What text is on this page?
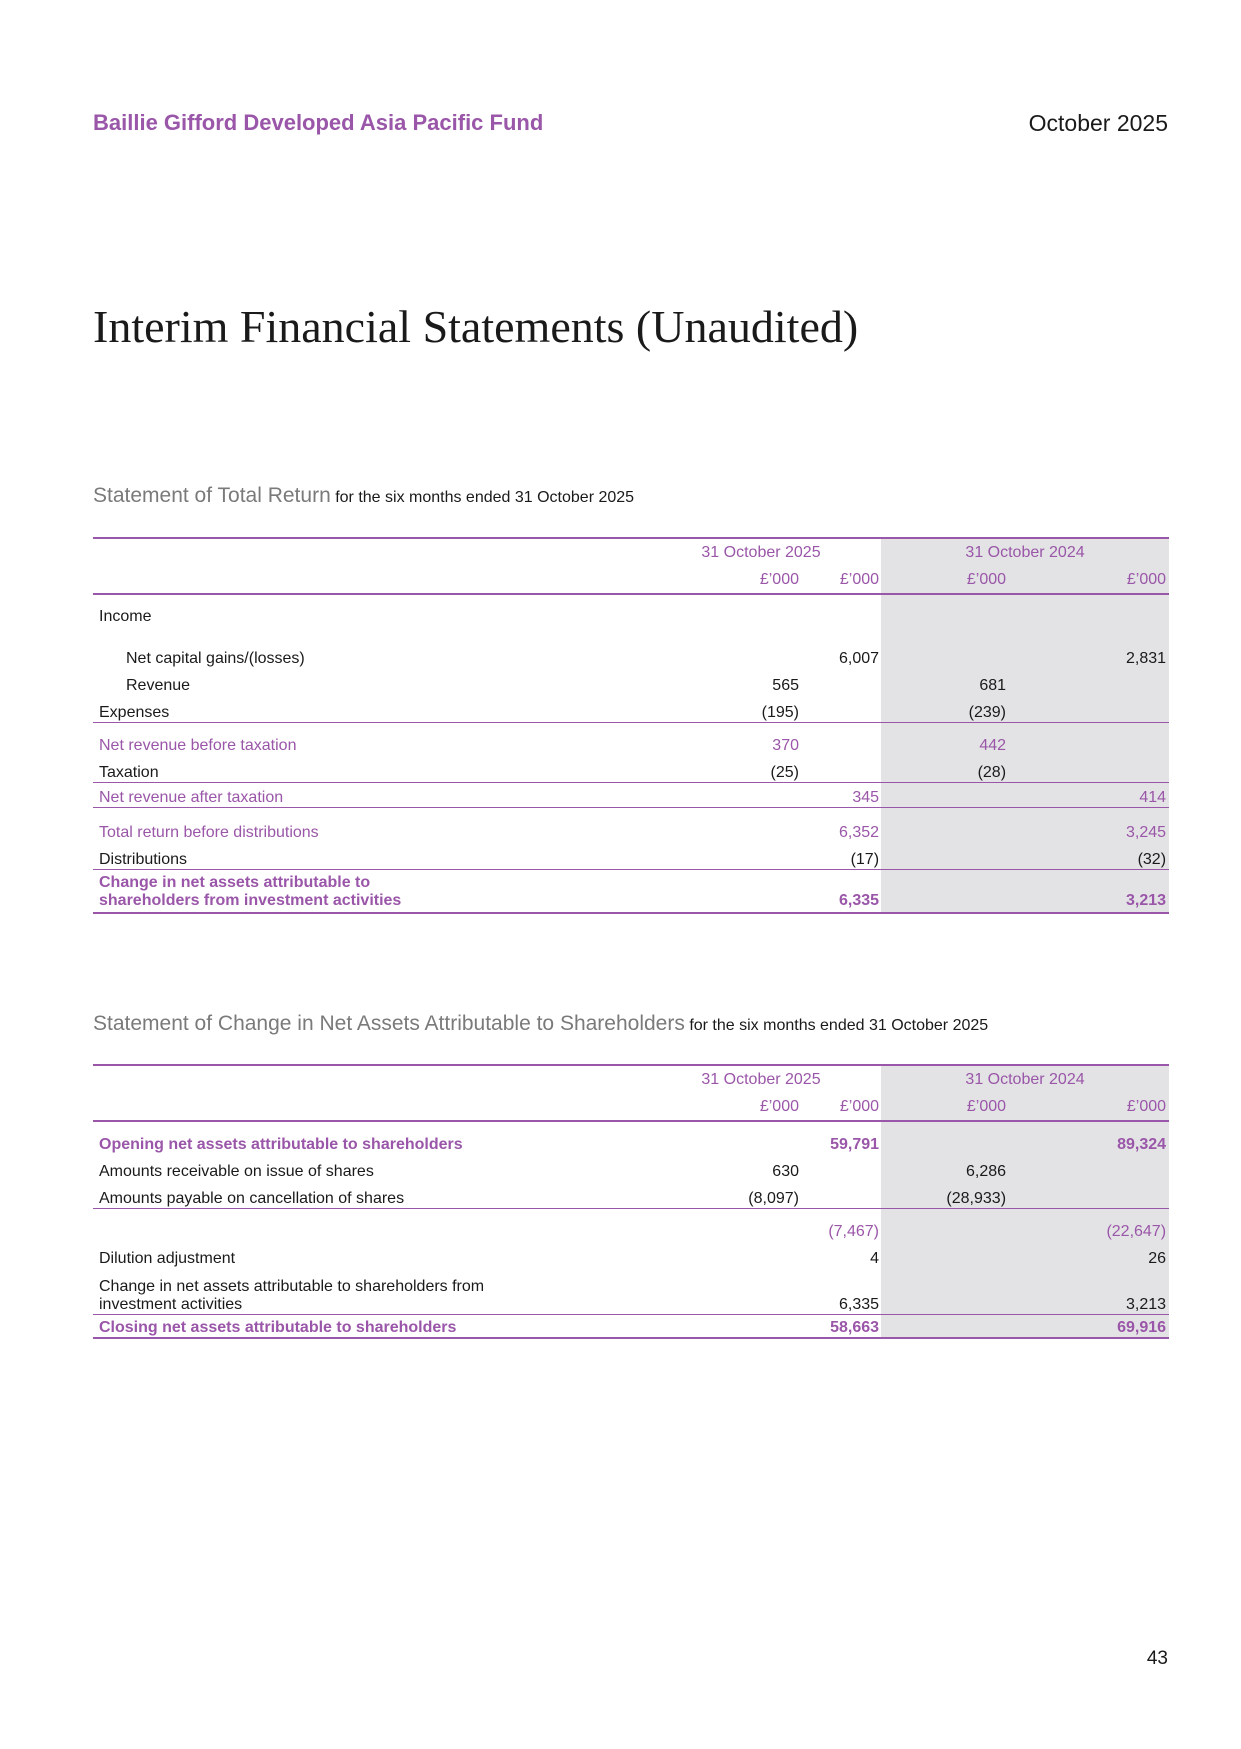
Baillie Gifford Developed Asia Pacific Fund	October 2025
Interim Financial Statements (Unaudited)
Statement of Total Return for the six months ended 31 October 2025
	31 October 2025		31 October 2024	
	£’000	£’000	£’000	£’000
Income				
Net capital gains/(losses)		6,007		2,831
Revenue	565		681	
Expenses	(195)		(239)	
Net revenue before taxation	370		442	
Taxation	(25)		(28)	
Net revenue after taxation		345		414
Total return before distributions		6,352		3,245
Distributions		(17)		(32)

Change in net assets attributable to
shareholders from investment activities		6,335		3,213
Statement of Change in Net Assets Attributable to Shareholders for the six months ended 31 October 2025
	31 October 2025		31 October 2024	
	£’000	£’000	£’000	£’000
Opening net assets attributable to shareholders		59,791		89,324
Amounts receivable on issue of shares	630		6,286	
Amounts payable on cancellation of shares	(8,097)		(28,933)	
		(7,467)		(22,647)
Dilution adjustment		4		26

Change in net assets attributable to shareholders from
investment activities		6,335		3,213
Closing net assets attributable to shareholders		58,663		69,916
43
